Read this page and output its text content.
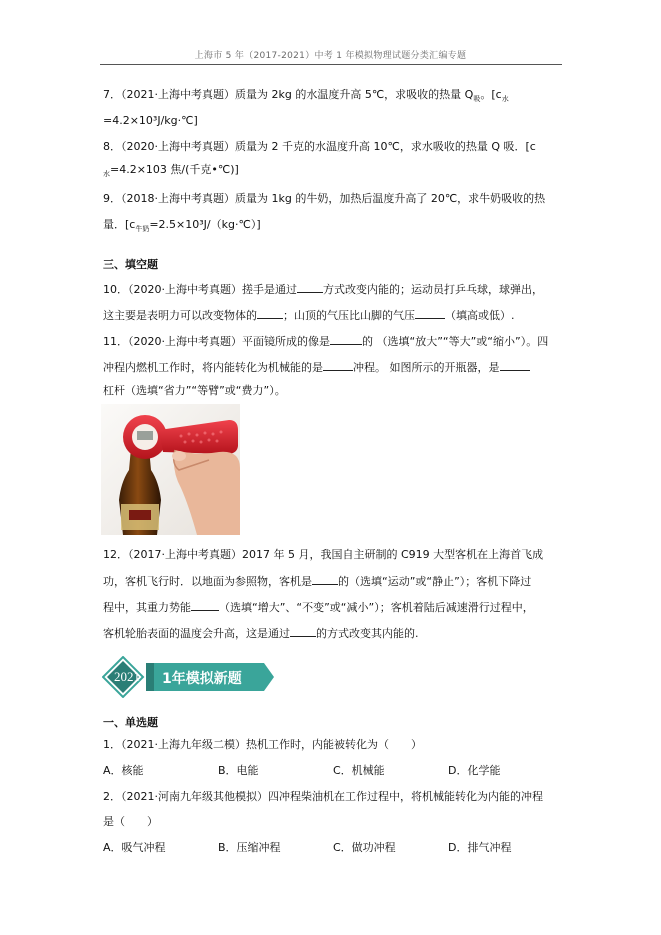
上海市 5 年（2017-2021）中考 1 年模拟物理试题分类汇编专题
7．（2021·上海中考真题）质量为 2kg 的水温度升高 5℃，求吸收的热量 $Q_吸$。[$c_水$
=4.2×10³J/kg·℃]
8．（2020·上海中考真题）质量为 2 千克的水温度升高 10℃，求水吸收的热量 Q 吸．[c
$_水$=4.2×103 焦/(千克•℃)]
9．（2018·上海中考真题）质量为 1kg 的牛奶，加热后温度升高了 20℃，求牛奶吸收的热
量．$[c_{牛奶}=2.5\times 10^3J/(kg\cdot℃)]$
三、填空题
10．（2020·上海中考真题）搓手是通过 方式改变内能的；运动员打乒乓球，球弹出，
这主要是表明力可以改变物体的 ；山顶的气压比山脚的气压	（填高或低）.
11．（2020·上海中考真题）平面镜所成的像是	的 （选填“放大”“等大”或“缩小”）。四
冲程内燃机工作时，将内能转化为机械能的是	冲程。 如图所示的开瓶器，是
杠杆（选填“省力”“等臂”或“费力”）。
12．（2017·上海中考真题）2017 年 5 月，我国自主研制的 C919 大型客机在上海首飞成
功，客机飞行时．以地面为参照物，客机是 的（选填“运动”或“静止”）；客机下降过
程中，其重力势能	（选填“增大”、“不变”或“减小”）；客机着陆后减速滑行过程中，
客机轮胎表面的温度会升高，这是通过 的方式改变其内能的.
2021 1年模拟新题
一、单选题
1．（2021·上海九年级二模）热机工作时，内能被转化为（　　）
A．核能	B．电能	C．机械能	D．化学能
2．（2021·河南九年级其他模拟）四冲程柴油机在工作过程中，将机械能转化为内能的冲程
是（　　）
A．吸气冲程	B．压缩冲程	C．做功冲程	D．排气冲程
